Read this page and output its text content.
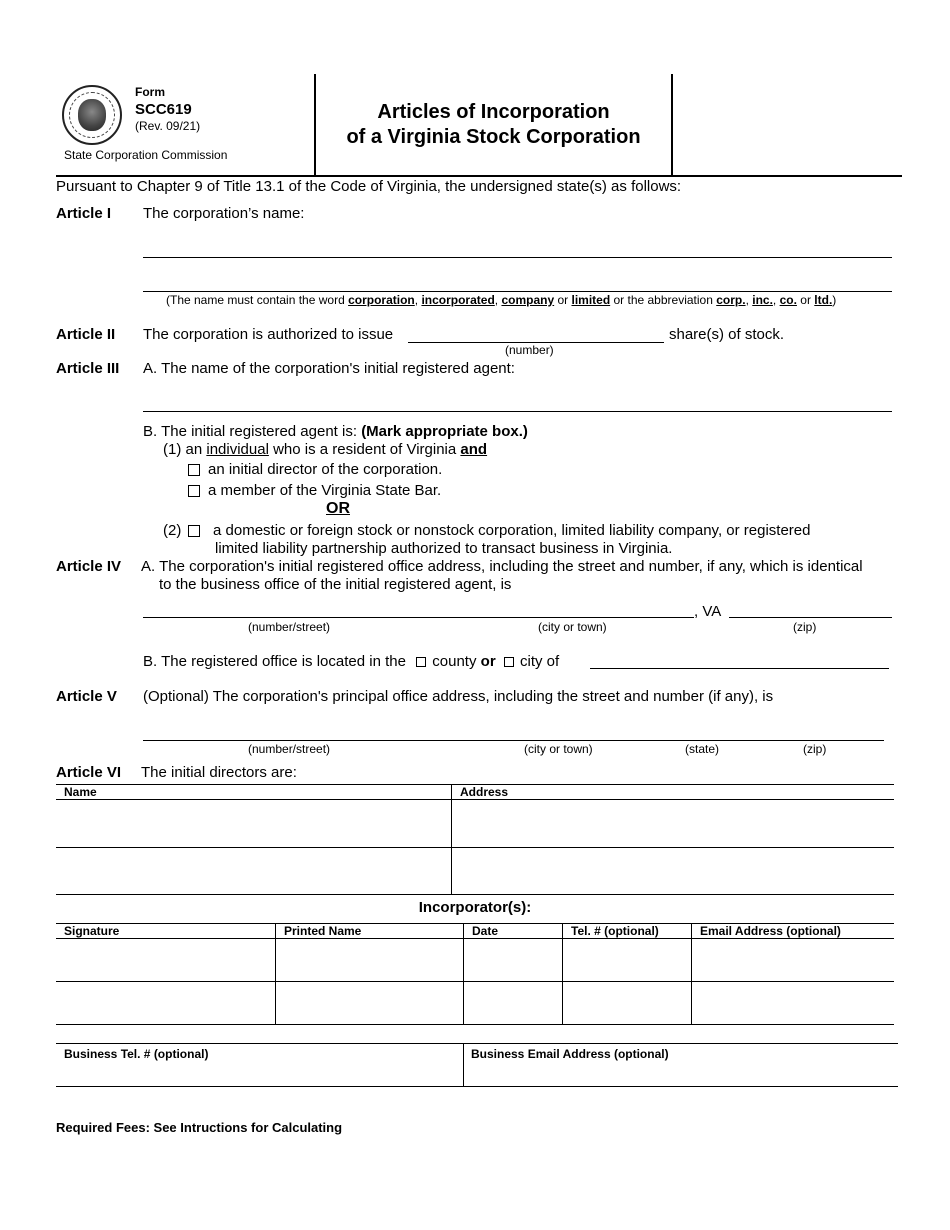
Form
SCC619
(Rev. 09/21)
State Corporation Commission
Articles of Incorporation
of a Virginia Stock Corporation
Pursuant to Chapter 9 of Title 13.1 of the Code of Virginia, the undersigned state(s) as follows:
Article I The corporation’s name:
(The name must contain the word corporation, incorporated, company or limited or the abbreviation corp., inc., co. or ltd.)
Article II The corporation is authorized to issue	share(s) of stock.
(number)
Article III A. The name of the corporation's initial registered agent:
B. The initial registered agent is: (Mark appropriate box.)
(1) an individual who is a resident of Virginia and
an initial director of the corporation.
a member of the Virginia State Bar.
OR
(2)	a domestic or foreign stock or nonstock corporation, limited liability company, or registered
limited liability partnership authorized to transact business in Virginia.
Article IV A. The corporation's initial registered office address, including the street and number, if any, which is identical
to the business office of the initial registered agent, is
, VA
(number/street)	(city or town)	(zip)
B. The registered office is located in the county or city of
Article V (Optional) The corporation's principal office address, including the street and number (if any), is
(number/street)	(city or town)	(state)	(zip)
Article VI The initial directors are:
Name	Address

Incorporator(s):
Signature	Printed Name	Date	Tel. # (optional)	Email Address (optional)

Business Tel. # (optional)	Business Email Address (optional)
Required Fees: See Intructions for Calculating
